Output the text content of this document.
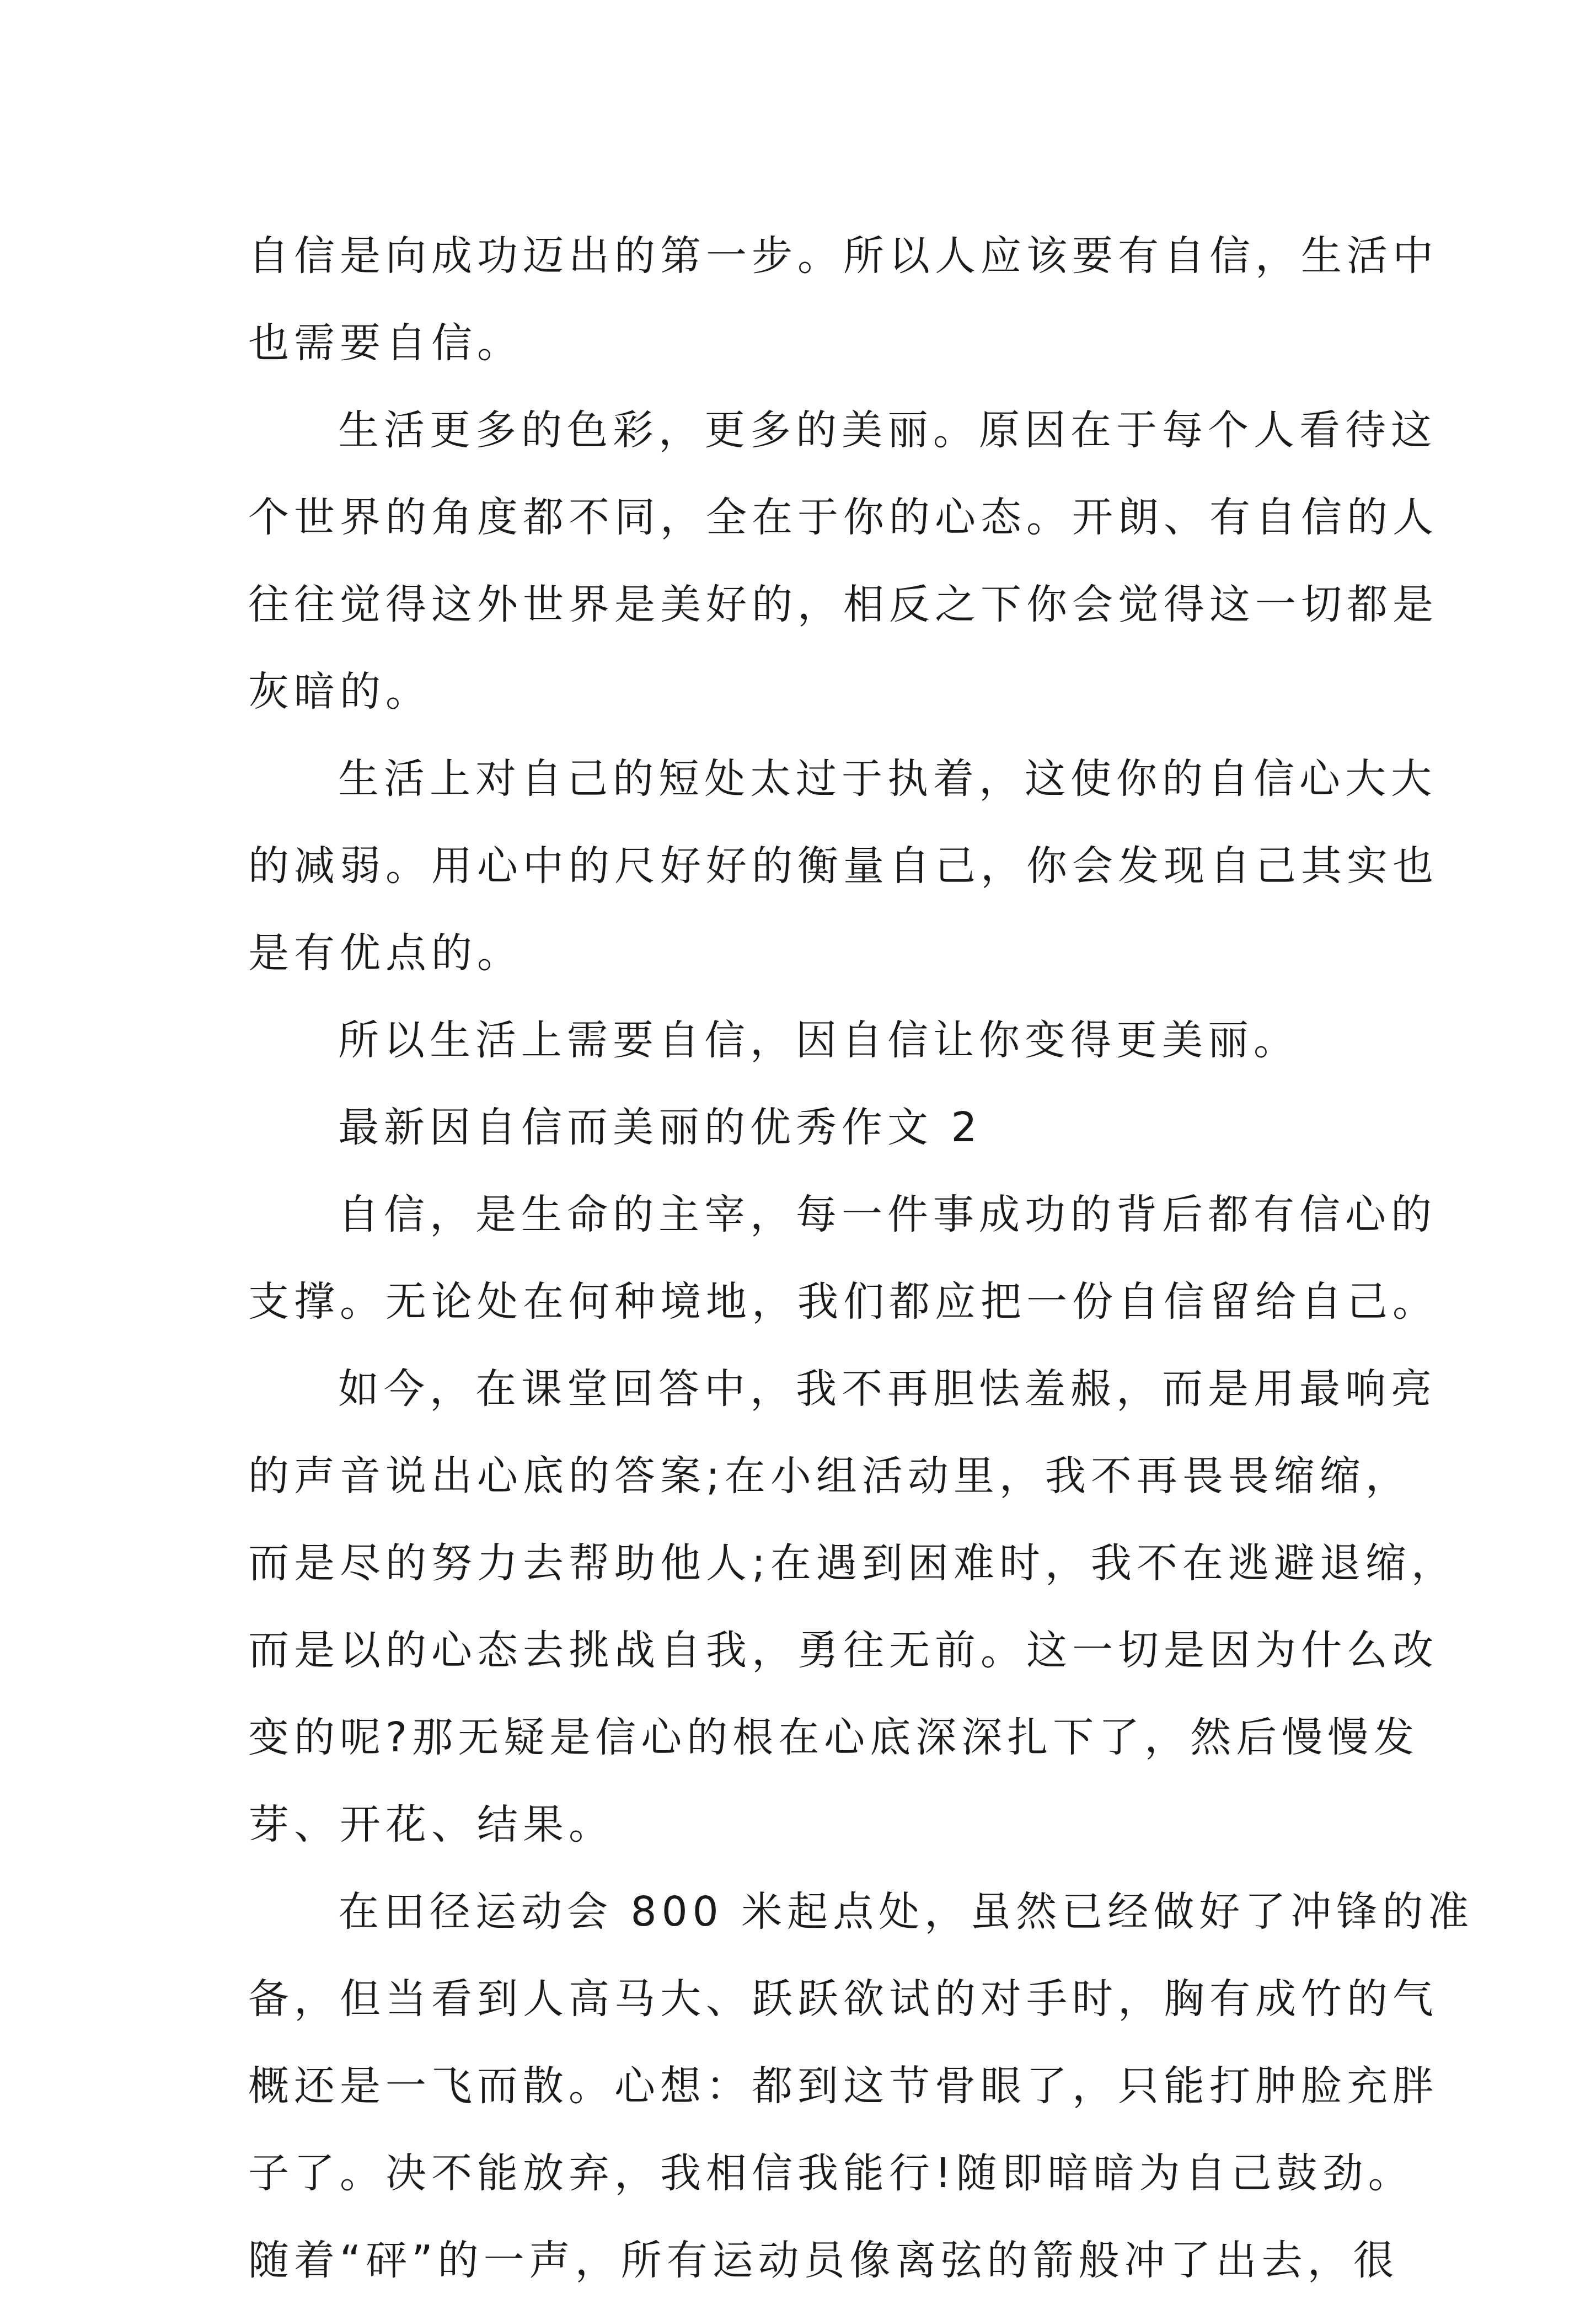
自信是向成功迈出的第一步。所以人应该要有自信，生活中
也需要自信。
生活更多的色彩，更多的美丽。原因在于每个人看待这
个世界的角度都不同，全在于你的心态。开朗、有自信的人
往往觉得这外世界是美好的，相反之下你会觉得这一切都是
灰暗的。
生活上对自己的短处太过于执着，这使你的自信心大大
的减弱。用心中的尺好好的衡量自己，你会发现自己其实也
是有优点的。
所以生活上需要自信，因自信让你变得更美丽。
最新因自信而美丽的优秀作文 2
自信，是生命的主宰，每一件事成功的背后都有信心的
支撑。无论处在何种境地，我们都应把一份自信留给自己。
如今，在课堂回答中，我不再胆怯羞赧，而是用最响亮
的声音说出心底的答案;在小组活动里，我不再畏畏缩缩，
而是尽的努力去帮助他人;在遇到困难时，我不在逃避退缩，
而是以的心态去挑战自我，勇往无前。这一切是因为什么改
变的呢?那无疑是信心的根在心底深深扎下了，然后慢慢发
芽、开花、结果。
在田径运动会 800 米起点处，虽然已经做好了冲锋的准
备，但当看到人高马大、跃跃欲试的对手时，胸有成竹的气
概还是一飞而散。心想：都到这节骨眼了，只能打肿脸充胖
子了。决不能放弃，我相信我能行!随即暗暗为自己鼓劲。
随着“砰”的一声，所有运动员像离弦的箭般冲了出去，很
